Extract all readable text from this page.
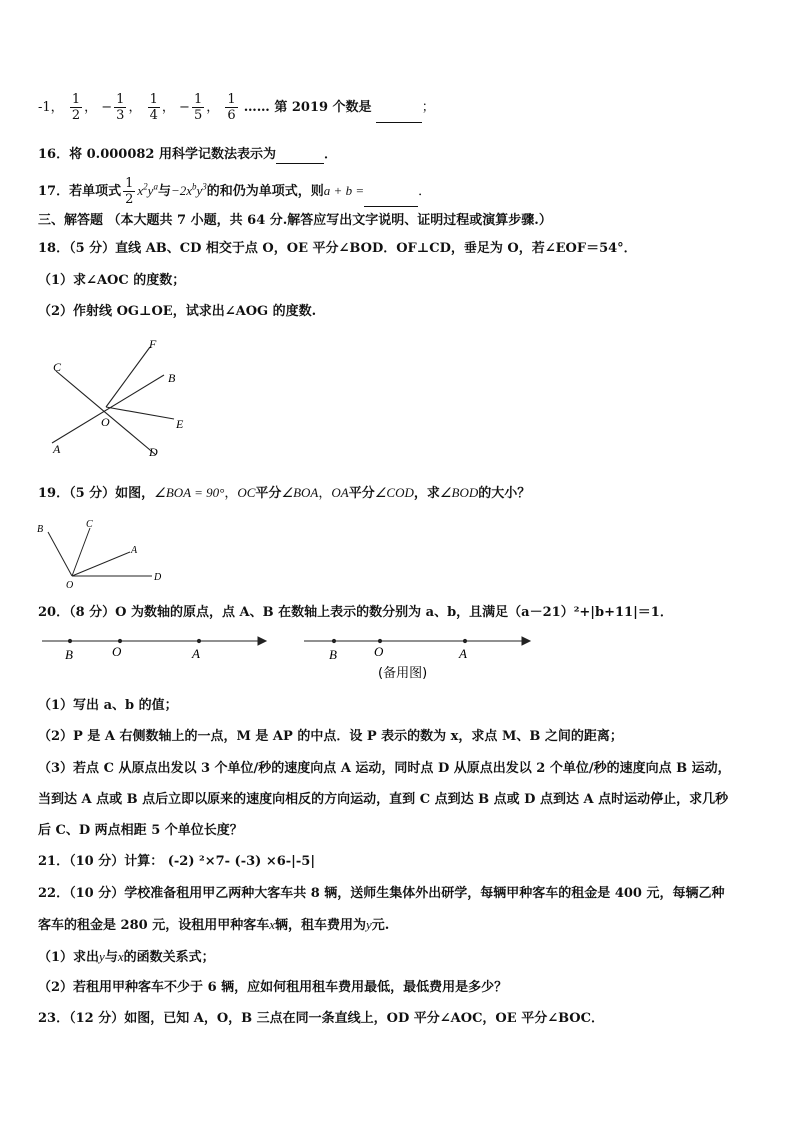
-1， $\frac{1}{2}$ ， − $\frac{1}{3}$ ， $\frac{1}{4}$ ， − $\frac{1}{5}$ ， $\frac{1}{6}$ …… 第 2019 个数是	；
16．将 0.000082 用科学记数法表示为	．
17．若单项式 $\frac{1}{2} x^2y^a$与$-2x^by^3$的和仍为单项式，则a + b =	．
三、解答题 （本大题共 7 小题，共 64 分.解答应写出文字说明、证明过程或演算步骤.）
18．（5 分）直线 AB、CD 相交于点 O，OE 平分∠BOD．OF⊥CD，垂足为 O，若∠EOF＝54°．
（1）求∠AOC 的度数；
（2）作射线 OG⊥OE，试求出∠AOG 的度数.
C
F
B
O	E
A	D
19．（5 分）如图，∠BOA = 90°，OC平分∠BOA，OA平分∠COD，求∠BOD的大小？
B	C
A
O
D
20．（8 分）O 为数轴的原点，点 A、B 在数轴上表示的数分别为 a、b，且满足（a－21）²+|b+11|＝1．
B	O	A	B	O	A
(备用图)
（1）写出 a、b 的值；
（2）P 是 A 右侧数轴上的一点，M 是 AP 的中点．设 P 表示的数为 x，求点 M、B 之间的距离；
（3）若点 C 从原点出发以 3 个单位/秒的速度向点 A 运动，同时点 D 从原点出发以 2 个单位/秒的速度向点 B 运动，
当到达 A 点或 B 点后立即以原来的速度向相反的方向运动，直到 C 点到达 B 点或 D 点到达 A 点时运动停止，求几秒
后 C、D 两点相距 5 个单位长度？
21．（10 分）计算： (-2) ²×7- (-3) ×6-|-5|
22．（10 分）学校准备租用甲乙两种大客车共 8 辆，送师生集体外出研学，每辆甲种客车的租金是 400 元，每辆乙种
客车的租金是 280 元，设租用甲种客车x辆，租车费用为y元.
（1）求出y与x的函数关系式；
（2）若租用甲种客车不少于 6 辆，应如何租用租车费用最低，最低费用是多少？
23．（12 分）如图，已知 A，O，B 三点在同一条直线上，OD 平分∠AOC，OE 平分∠BOC．
